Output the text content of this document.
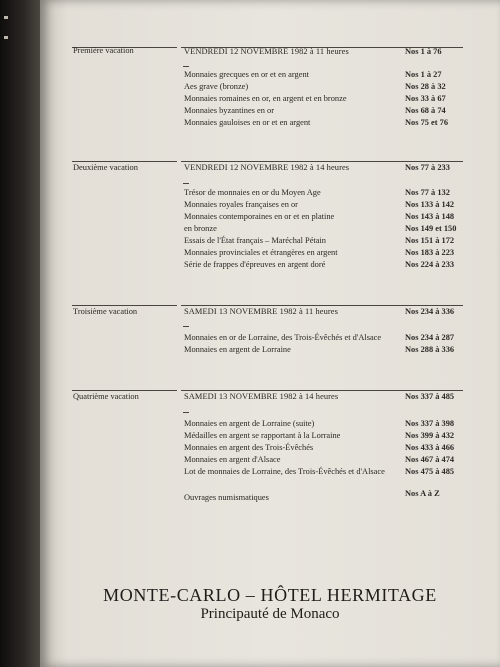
Première vacation	VENDREDI 12 NOVEMBRE 1982 à 11 heures	Nos 1 à 76
Monnaies grecques en or et en argent	Nos 1 à 27
Aes grave (bronze)	Nos 28 à 32
Monnaies romaines en or, en argent et en bronze	Nos 33 à 67
Monnaies byzantines en or	Nos 68 à 74
Monnaies gauloises en or et en argent	Nos 75 et 76
Deuxième vacation	VENDREDI 12 NOVEMBRE 1982 à 14 heures	Nos 77 à 233
Trésor de monnaies en or du Moyen Age	Nos 77 à 132
Monnaies royales françaises en or	Nos 133 à 142
Monnaies contemporaines en or et en platine	Nos 143 à 148
en bronze	Nos 149 et 150
Essais de l'État français – Maréchal Pétain	Nos 151 à 172
Monnaies provinciales et étrangères en argent	Nos 183 à 223
Série de frappes d'épreuves en argent doré	Nos 224 à 233
Troisième vacation	SAMEDI 13 NOVEMBRE 1982 à 11 heures	Nos 234 à 336
Monnaies en or de Lorraine, des Trois-Évêchés et d'Alsace	Nos 234 à 287
Monnaies en argent de Lorraine	Nos 288 à 336
Quatrième vacation	SAMEDI 13 NOVEMBRE 1982 à 14 heures	Nos 337 à 485
Monnaies en argent de Lorraine (suite)	Nos 337 à 398
Médailles en argent se rapportant à la Lorraine	Nos 399 à 432
Monnaies en argent des Trois-Évêchés	Nos 433 à 466
Monnaies en argent d'Alsace	Nos 467 à 474
Lot de monnaies de Lorraine, des Trois-Évêchés et d'Alsace Nos 475 à 485
Ouvrages numismatiques	Nos A à Z
MONTE-CARLO – HÔTEL HERMITAGE
Principauté de Monaco
